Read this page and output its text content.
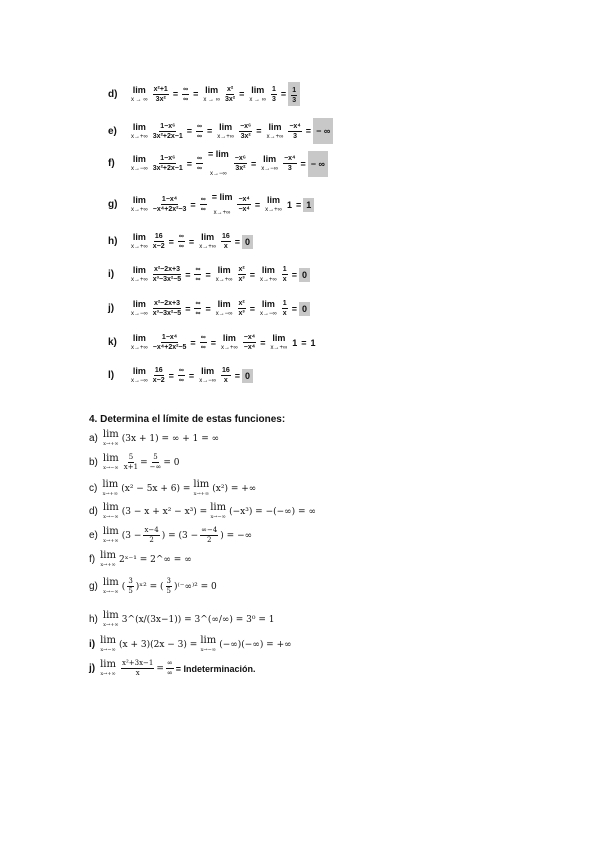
d)	lim
x → ∞ $\frac{\text{x²+1}}{\text{3x²}} = \frac{\infty}{\infty} = \lim$
x → ∞ $\frac{\text{x²}}{\text{3x²}} = \lim$
x → ∞ $\frac{1}{3} = \frac{1}{3}$
e)	lim
$x\to+\infty \frac{\text{1−x⁶}}{\text{3x²+2x−1}} = \frac{\infty}{\infty} = \lim$
$x\to+\infty \frac{\text{−x⁶}}{\text{3x²}} = \lim$
$x\to+\infty \frac{\text{−x⁴}}{3}$ = − ∞
f)	lim
$x\to-\infty \frac{\text{1−x⁶}}{\text{3x²+2x−1}} = \frac{\infty}{\infty}$
= lim
x→−∞
$\frac{\text{−x⁶}}{\text{3x²}} = \lim$
$x\to-\infty \frac{\text{−x⁴}}{3}$ = − ∞
g)	lim
$x\to+\infty \frac{\text{1−x⁴}}{\text{−x⁴+2x²−3}} = \frac{\infty}{\infty} = \lim$
$x\to+\infty \frac{\text{−x⁴}}{\text{−x⁴}} = \lim$
x→+∞
1 = 1
h)	lim
$x\to+\infty \frac{16}{x-2} = \frac{\infty}{\infty} = \lim$
$x\to+\infty \frac{16}{x} = 0$
i)	lim
$x\to+\infty \frac{\text{x²−2x+3}}{\text{x³−3x²−5}} = \frac{\infty}{\infty} = \lim$
$x\to+\infty \frac{\text{x²}}{\text{x³}} = \lim$
$x\to+\infty \frac{1}{x} = 0$
j)	lim
$x\to-\infty \frac{\text{x²−2x+3}}{\text{x³−3x²−5}} = \frac{\infty}{\infty} = \lim$
$x\to-\infty \frac{\text{x²}}{\text{x³}} = \lim$
$x\to-\infty \frac{1}{x} = 0$
k)	lim
$x\to+\infty \frac{\text{1−x⁴}}{\text{−x⁴+2x²−5}} = \frac{\infty}{\infty} = \lim$
$x\to+\infty \frac{\text{−x⁴}}{\text{−x⁴}} = \lim$
x→+∞
1 = 1
l)	lim
$x\to-\infty \frac{16}{x-2} = \frac{\infty}{\infty} = \lim$
$x\to-\infty \frac{16}{x} = 0$
4. Determina el límite de estas funciones:
a) lim
x→+∞
(3x + 1) = ∞ + 1 = ∞
b) lim
$x\to-\infty \frac{5}{x+1} = \frac{5}{-\infty} = 0$
c) lim
x→+∞
(x² − 5x + 6) = lim
x→+∞
(x²) = +∞
d) lim
x→−∞
(3 − x + x² − x³) = lim
x→−∞
(−x³) = −(−∞) = ∞
e) lim
x→+∞
($3 - \frac{x-4}{2}$ ) = ($3 - \frac{\infty-4}{2}$ ) = −∞
f) lim
x→+∞
2ˣ⁻¹ = 2^∞ = ∞
g) lim
x→−∞
( $\frac{3}{5}$ )ˣ² = ( $\frac{3}{5} )^{(-}\infty^{)2} = 0$
h) lim
x→+∞
3^(x/(3x−1)) = 3^(∞/∞) = 3⁰ = 1
i) lim
x→−∞
(x + 3)(2x − 3) = lim
x→−∞
(−∞)(−∞) = +∞
j) lim
$x\to+\infty \frac{\text{x²+3x−1}}{x} = \frac{\infty}{\infty}$ = Indeterminación.
